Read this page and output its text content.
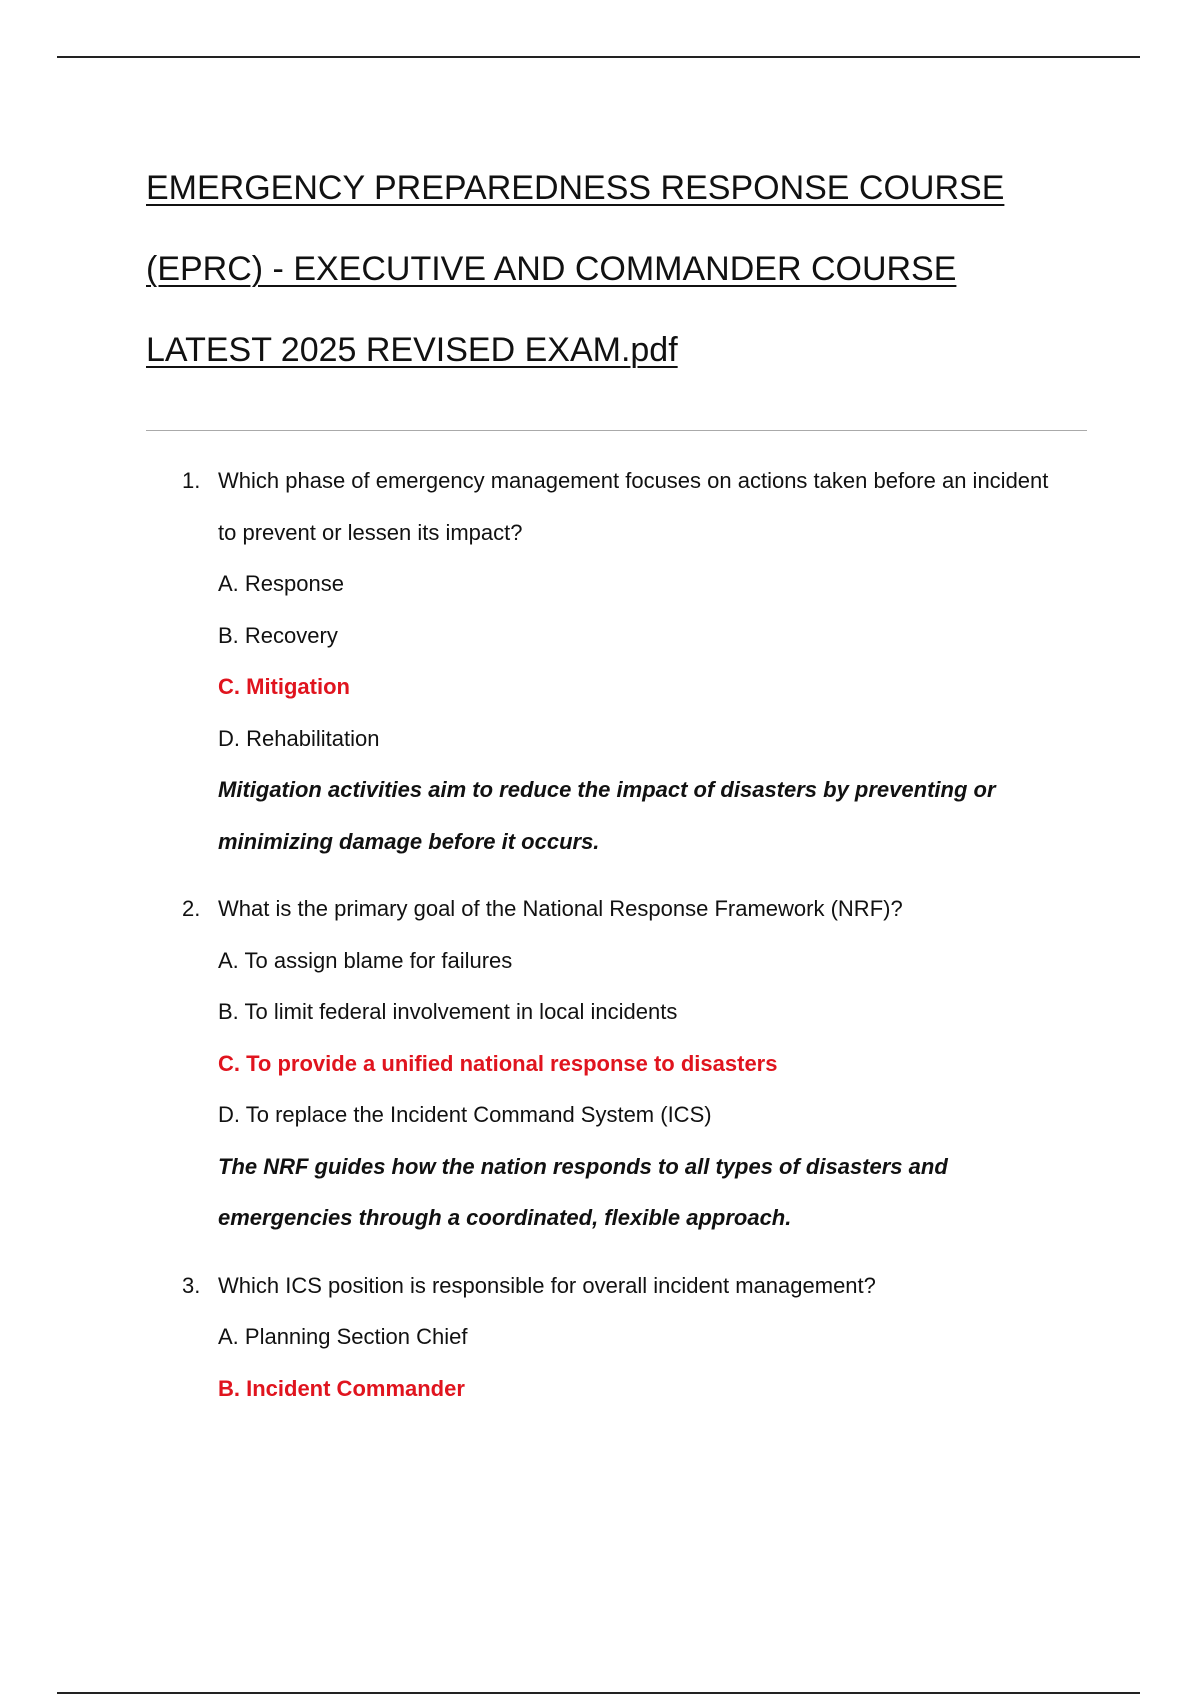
EMERGENCY PREPAREDNESS RESPONSE COURSE
(EPRC) - EXECUTIVE AND COMMANDER COURSE
LATEST 2025 REVISED EXAM.pdf
1. Which phase of emergency management focuses on actions taken before an incident to prevent or lessen its impact?
A. Response
B. Recovery
C. Mitigation
D. Rehabilitation
Mitigation activities aim to reduce the impact of disasters by preventing or minimizing damage before it occurs.
2. What is the primary goal of the National Response Framework (NRF)?
A. To assign blame for failures
B. To limit federal involvement in local incidents
C. To provide a unified national response to disasters
D. To replace the Incident Command System (ICS)
The NRF guides how the nation responds to all types of disasters and emergencies through a coordinated, flexible approach.
3. Which ICS position is responsible for overall incident management?
A. Planning Section Chief
B. Incident Commander
